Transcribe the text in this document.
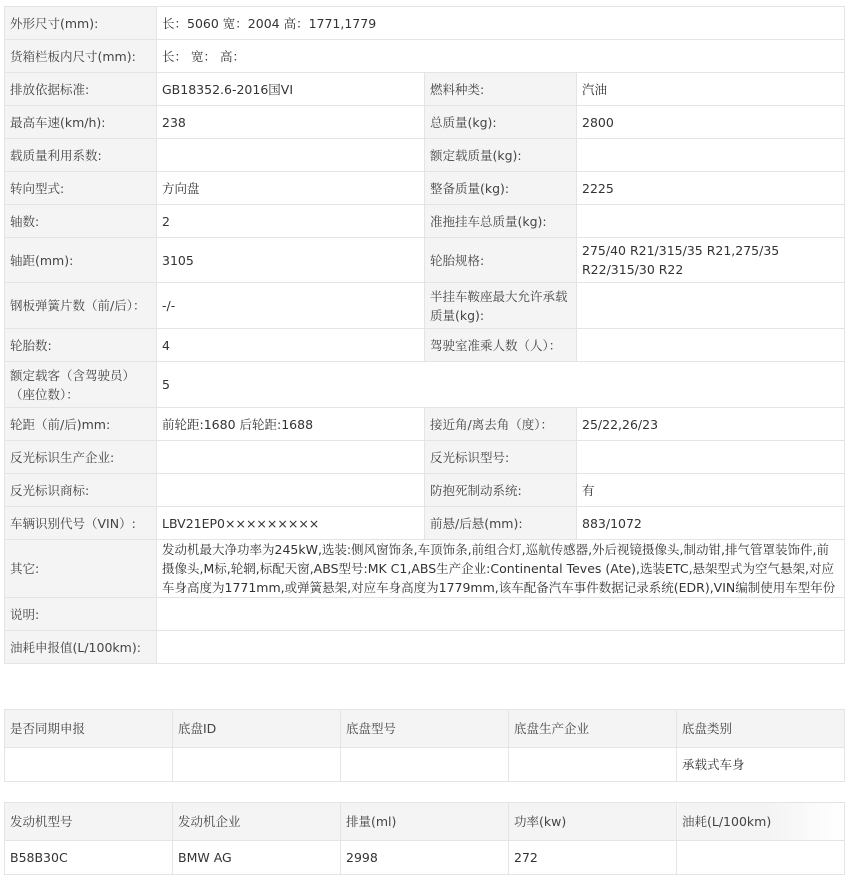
外形尺寸(mm):	长：5060 宽：2004 高：1771,1779		
货箱栏板内尺寸(mm):	长： 宽： 高：		
排放依据标准:	GB18352.6-2016国VI	燃料种类:	汽油
最高车速(km/h):	238	总质量(kg):	2800
载质量利用系数:		额定载质量(kg):	
转向型式:	方向盘	整备质量(kg):	2225
轴数:	2	准拖挂车总质量(kg):	
轴距(mm):	3105	轮胎规格:	275/40 R21/315/35 R21,275/35 R22/315/30 R22
钢板弹簧片数（前/后）：	-/-	半挂车鞍座最大允许承载质量(kg):	
轮胎数:	4	驾驶室准乘人数（人）：	
额定载客（含驾驶员）（座位数）：	5		
轮距（前/后)mm:	前轮距:1680 后轮距:1688	接近角/离去角（度）：	25/22,26/23
反光标识生产企业:		反光标识型号:	
反光标识商标:		防抱死制动系统:	有
车辆识别代号（VIN）:	LBV21EP0×××××××××	前悬/后悬(mm):	883/1072
其它:	发动机最大净功率为245kW,选装:侧风窗饰条,车顶饰条,前组合灯,巡航传感器,外后视镜摄像头,制动钳,排气管罩装饰件,前摄像头,M标,轮辋,标配天窗,ABS型号:MK C1,ABS生产企业:Continental Teves (Ate),选装ETC,悬架型式为空气悬架,对应车身高度为1771mm,或弹簧悬架,对应车身高度为1779mm,该车配备汽车事件数据记录系统(EDR),VIN编制使用车型年份		
说明:			
油耗申报值(L/100km):			
是否同期申报	底盘ID	底盘型号	底盘生产企业	底盘类别
				承载式车身
发动机型号	发动机企业	排量(ml)	功率(kw)	油耗(L/100km)
B58B30C	BMW AG	2998	272	
